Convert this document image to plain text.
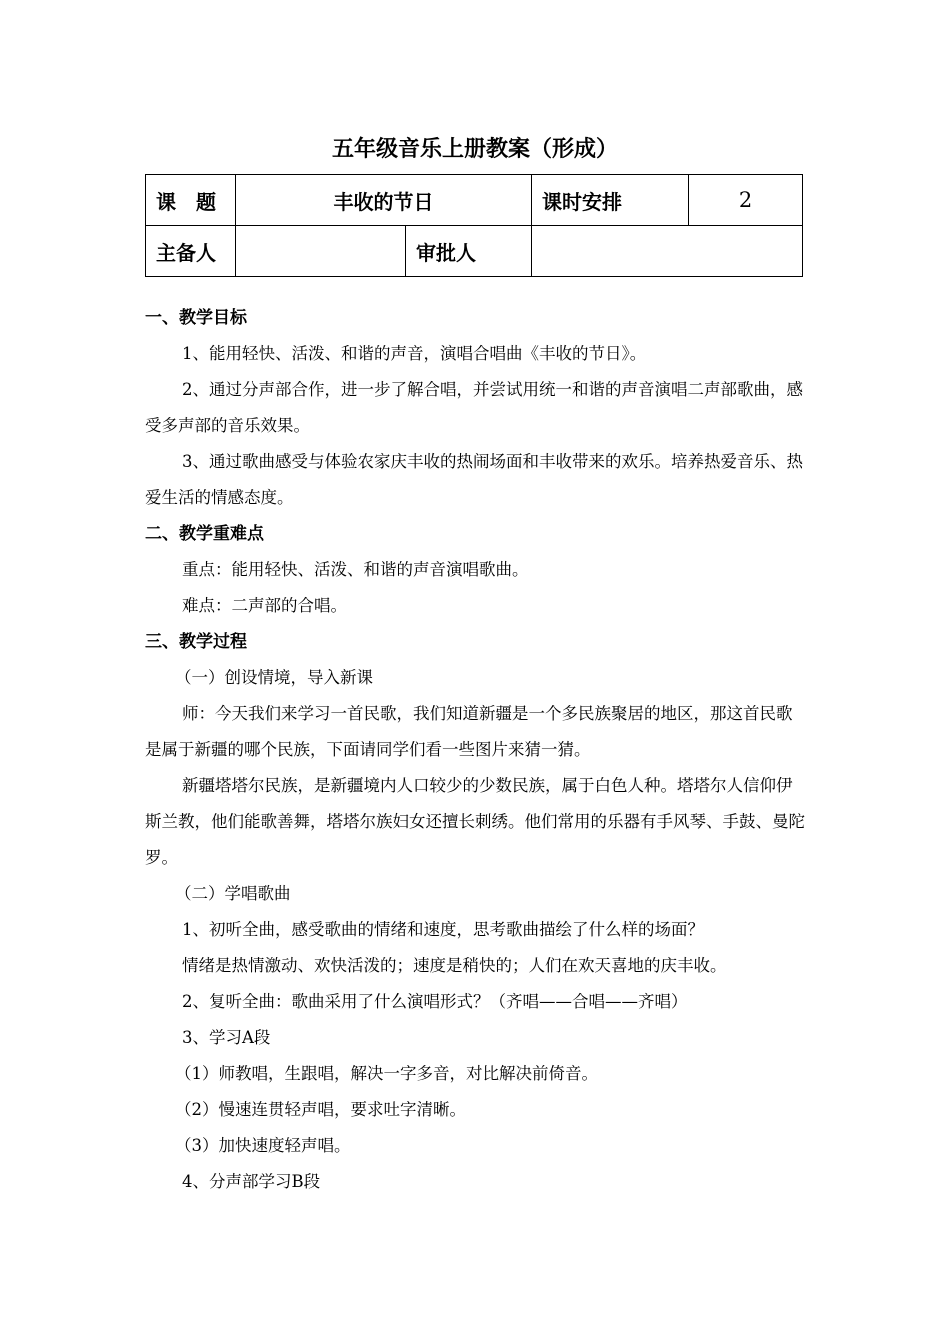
五年级音乐上册教案（形成）
课　题	丰收的节日		课时安排	2
主备人		审批人		
一、教学目标
1、能用轻快、活泼、和谐的声音，演唱合唱曲《丰收的节日》。
2、通过分声部合作，进一步了解合唱，并尝试用统一和谐的声音演唱二声部歌曲，感受多声部的音乐效果。
3、通过歌曲感受与体验农家庆丰收的热闹场面和丰收带来的欢乐。培养热爱音乐、热爱生活的情感态度。
二、教学重难点
重点：能用轻快、活泼、和谐的声音演唱歌曲。
难点：二声部的合唱。
三、教学过程
（一）创设情境，导入新课
师：今天我们来学习一首民歌，我们知道新疆是一个多民族聚居的地区，那这首民歌是属于新疆的哪个民族，下面请同学们看一些图片来猜一猜。
新疆塔塔尔民族，是新疆境内人口较少的少数民族，属于白色人种。塔塔尔人信仰伊斯兰教，他们能歌善舞，塔塔尔族妇女还擅长刺绣。他们常用的乐器有手风琴、手鼓、曼陀罗。
（二）学唱歌曲
1、初听全曲，感受歌曲的情绪和速度，思考歌曲描绘了什么样的场面？
情绪是热情激动、欢快活泼的；速度是稍快的；人们在欢天喜地的庆丰收。
2、复听全曲：歌曲采用了什么演唱形式？（齐唱——合唱——齐唱）
3、学习A段
（1）师教唱，生跟唱，解决一字多音，对比解决前倚音。
（2）慢速连贯轻声唱，要求吐字清晰。
（3）加快速度轻声唱。
4、分声部学习B段
